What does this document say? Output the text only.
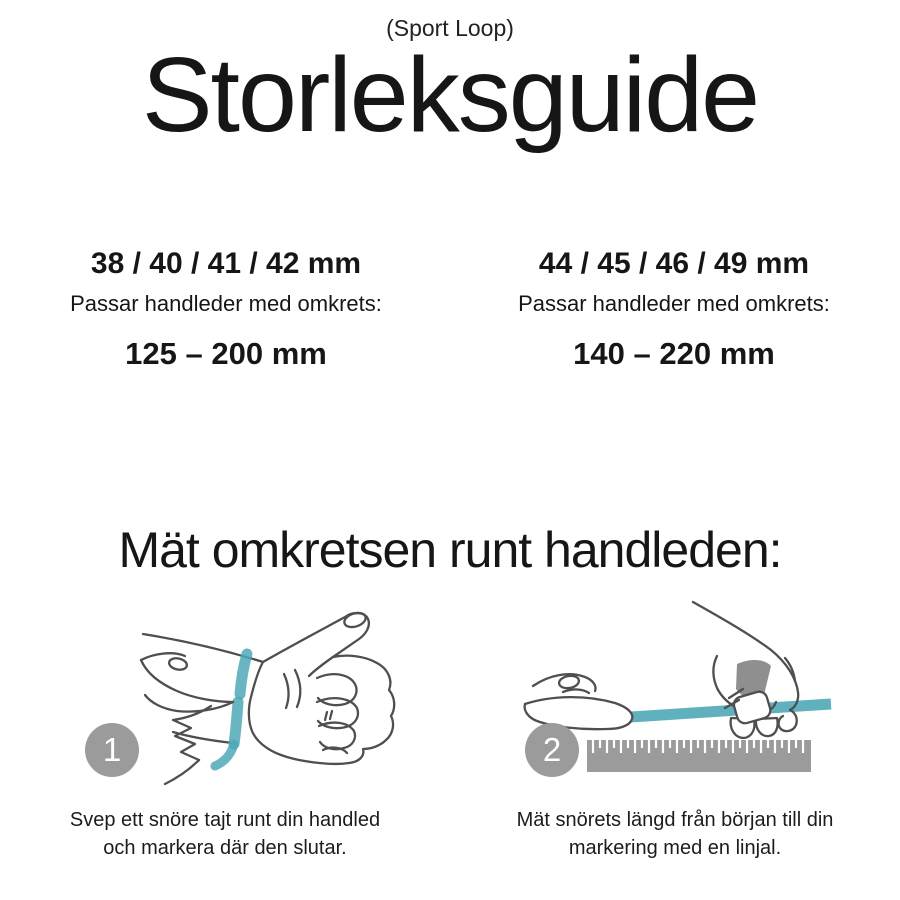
(Sport Loop)
Storleksguide
38 / 40 / 41 / 42 mm
Passar handleder med omkrets:
125 – 200 mm
44 / 45 / 46 / 49 mm
Passar handleder med omkrets:
140 – 220 mm
Mät omkretsen runt handleden:
1
Svep ett snöre tajt runt din handled
och markera där den slutar.
2
Mät snörets längd från början till din
markering med en linjal.
